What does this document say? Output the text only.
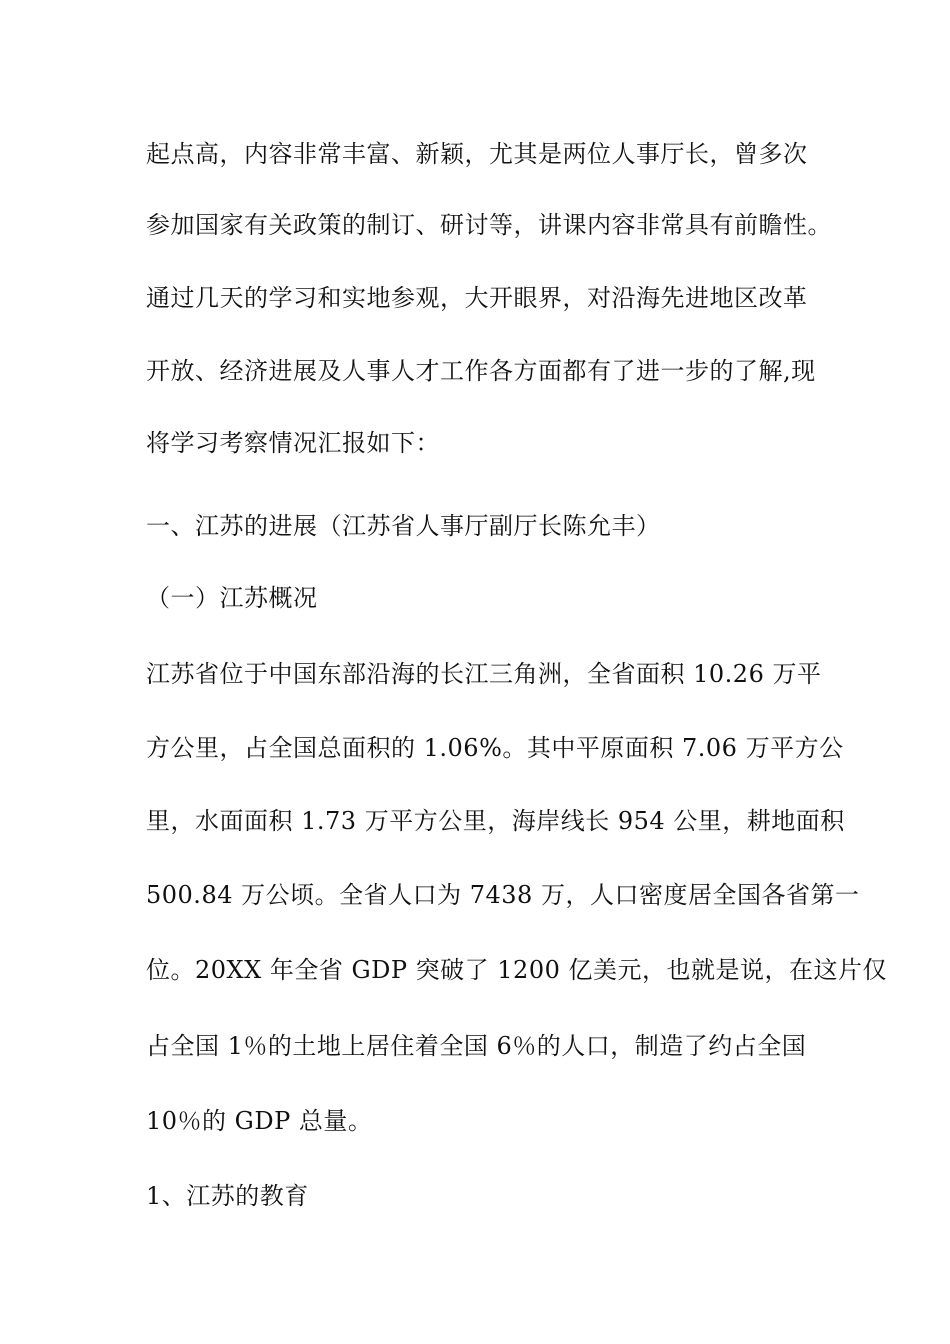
起点高，内容非常丰富、新颖，尤其是两位人事厅长，曾多次
参加国家有关政策的制订、研讨等，讲课内容非常具有前瞻性。
通过几天的学习和实地参观，大开眼界，对沿海先进地区改革
开放、经济进展及人事人才工作各方面都有了进一步的了解,现
将学习考察情况汇报如下：
一、江苏的进展（江苏省人事厅副厅长陈允丰）
（一）江苏概况
江苏省位于中国东部沿海的长江三角洲，全省面积 10.26 万平
方公里，占全国总面积的 1.06%。其中平原面积 7.06 万平方公
里，水面面积 1.73 万平方公里，海岸线长 954 公里，耕地面积
500.84 万公顷。全省人口为 7438 万，人口密度居全国各省第一
位。20XX 年全省 GDP 突破了 1200 亿美元，也就是说，在这片仅
占全国 1％的土地上居住着全国 6％的人口，制造了约占全国
10％的 GDP 总量。
1、江苏的教育
